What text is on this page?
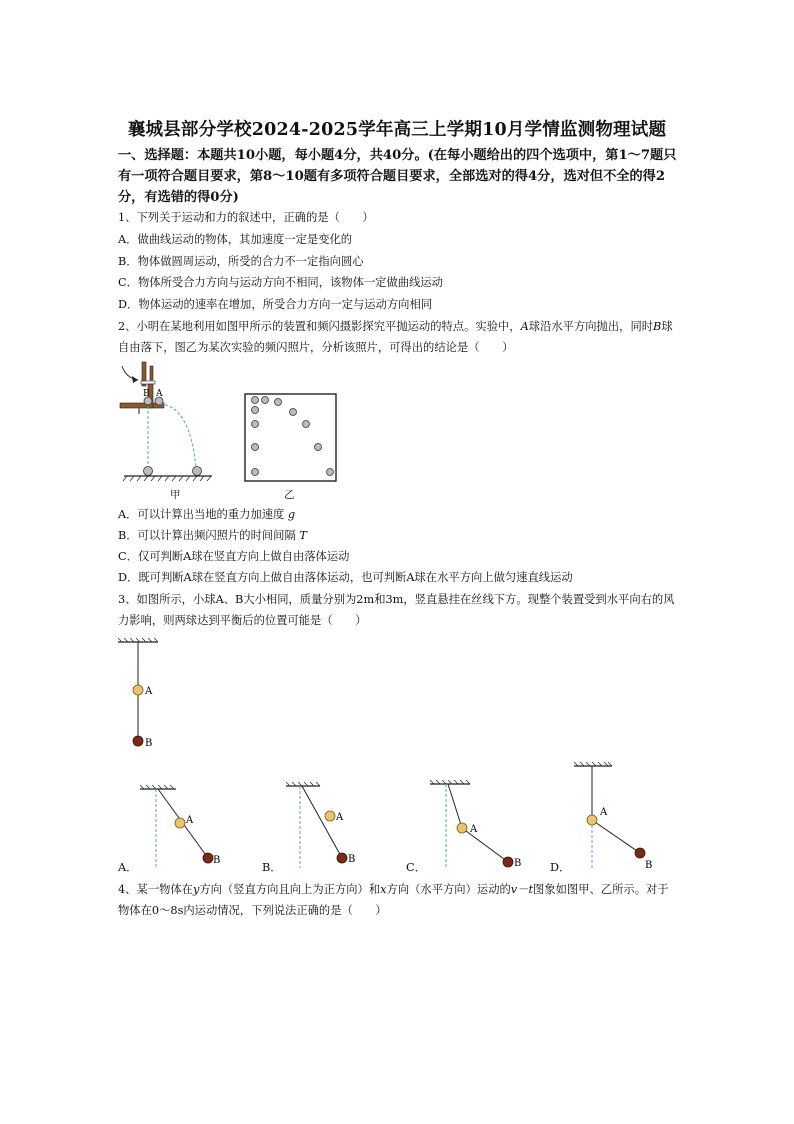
襄城县部分学校2024-2025学年高三上学期10月学情监测物理试题
一、选择题：本题共10小题，每小题4分，共40分。(在每小题给出的四个选项中，第1～7题只有一项符合题目要求，第8～10题有多项符合题目要求，全部选对的得4分，选对但不全的得2分，有选错的得0分)
1、下列关于运动和力的叙述中，正确的是（　　）
A．做曲线运动的物体，其加速度一定是变化的
B．物体做圆周运动，所受的合力不一定指向圆心
C．物体所受合力方向与运动方向不相同，该物体一定做曲线运动
D．物体运动的速率在增加，所受合力方向一定与运动方向相同
2、小明在某地利用如图甲所示的装置和频闪摄影探究平抛运动的特点。实验中，A球沿水平方向抛出，同时B球自由落下，图乙为某次实验的频闪照片，分析该照片，可得出的结论是（　　）
B A
甲	乙
A．可以计算出当地的重力加速度 g
B．可以计算出频闪照片的时间间隔 T
C．仅可判断A球在竖直方向上做自由落体运动
D．既可判断A球在竖直方向上做自由落体运动，也可判断A球在水平方向上做匀速直线运动
3、如图所示，小球A、B大小相同，质量分别为2m和3m，竖直悬挂在丝线下方。现整个装置受到水平向右的风力影响，则两球达到平衡后的位置可能是（　　）
A
B
A
B
A．
A
B
B．
A
B
C．
A
B
D．
4、某一物体在y方向（竖直方向且向上为正方向）和x方向（水平方向）运动的v－t图象如图甲、乙所示。对于物体在0～8s内运动情况，下列说法正确的是（　　）
